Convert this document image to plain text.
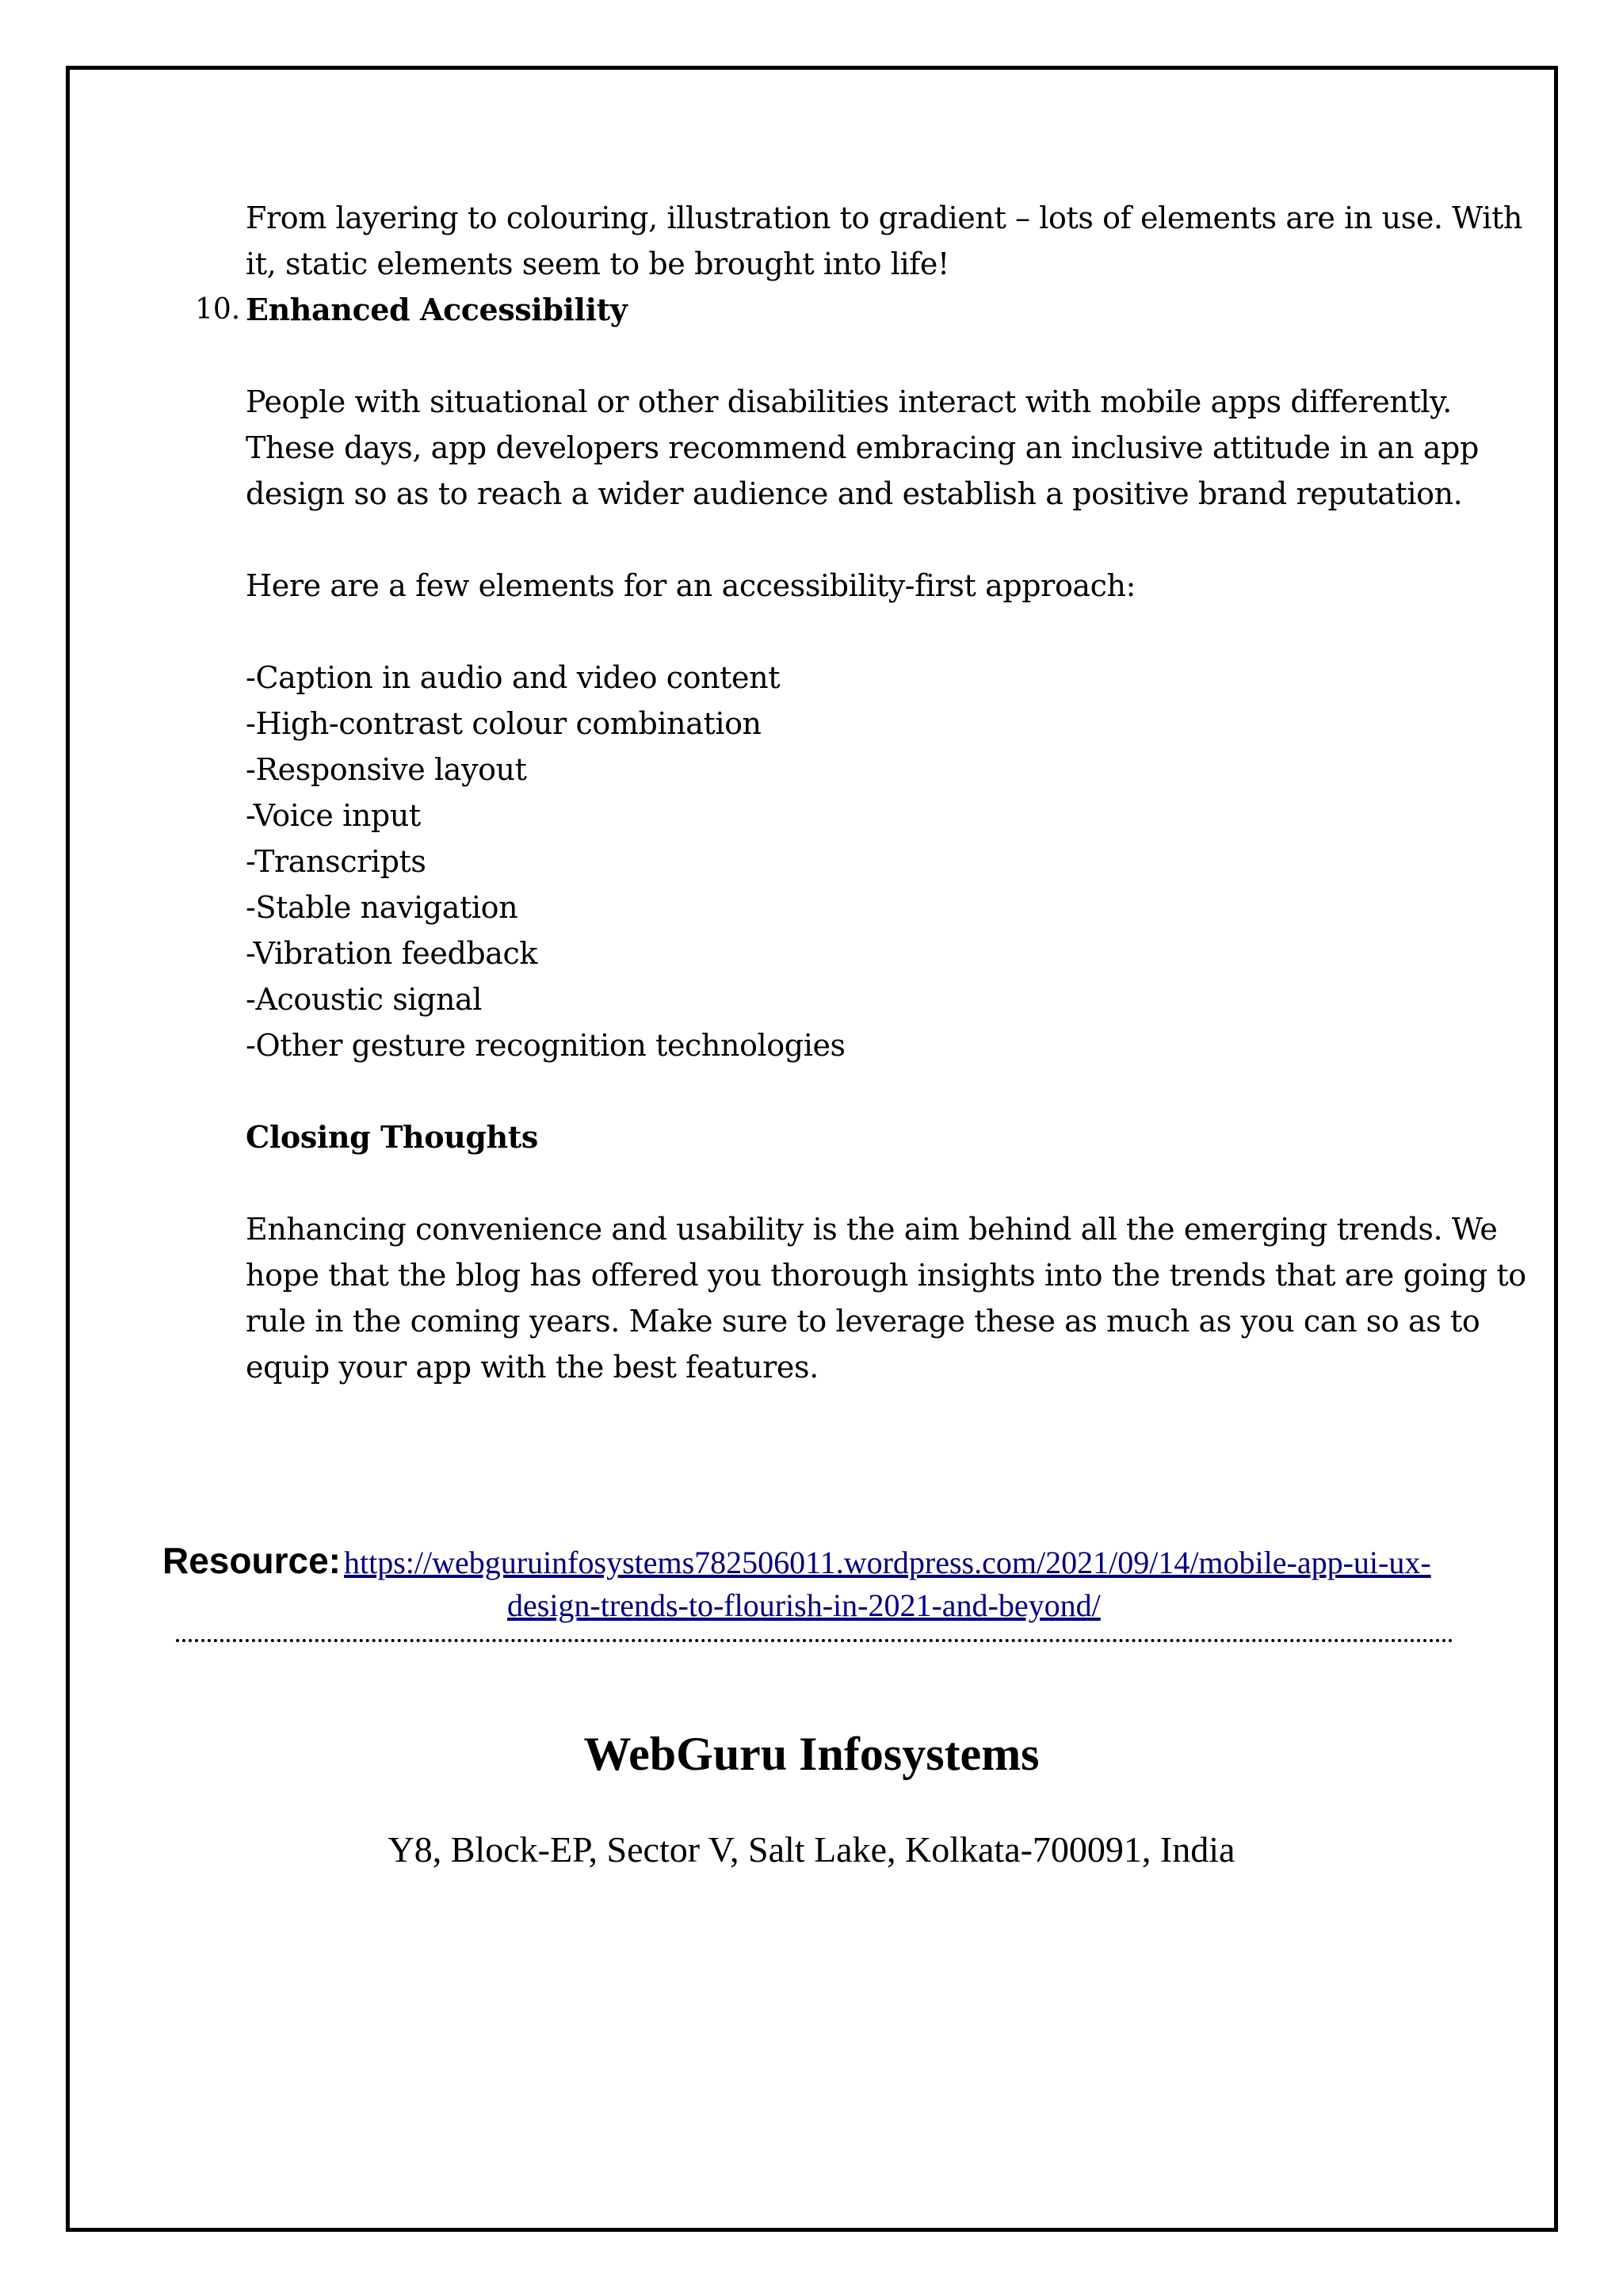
From layering to colouring, illustration to gradient – lots of elements are in use. With
it, static elements seem to be brought into life!
10. Enhanced Accessibility
People with situational or other disabilities interact with mobile apps differently.
These days, app developers recommend embracing an inclusive attitude in an app
design so as to reach a wider audience and establish a positive brand reputation.
Here are a few elements for an accessibility-first approach:
-Caption in audio and video content
-High-contrast colour combination
-Responsive layout
-Voice input
-Transcripts
-Stable navigation
-Vibration feedback
-Acoustic signal
-Other gesture recognition technologies
Closing Thoughts
Enhancing convenience and usability is the aim behind all the emerging trends. We
hope that the blog has offered you thorough insights into the trends that are going to
rule in the coming years. Make sure to leverage these as much as you can so as to
equip your app with the best features.
Resource: https://webguruinfosystems782506011.wordpress.com/2021/09/14/mobile-app-ui-ux-
design-trends-to-flourish-in-2021-and-beyond/
WebGuru Infosystems
Y8, Block-EP, Sector V, Salt Lake, Kolkata-700091, India
